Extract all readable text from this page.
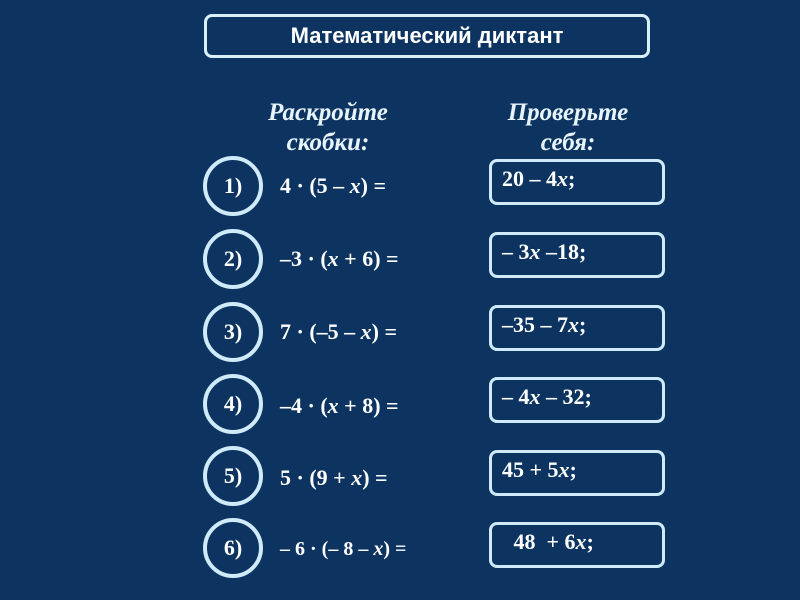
Математический диктант
Раскройте
скобки:
Проверьте
себя:
1) 4 · (5 – x) =	20 – 4x;
2) –3 · (x + 6) =	– 3x –18;
3) 7 · (–5 – x) =	–35 – 7x;
4) –4 · (x + 8) =	– 4x – 32;
5) 5 · (9 + x) =	45 + 5x;
6) – 6 · (– 8 – x) =	48 + 6x;
